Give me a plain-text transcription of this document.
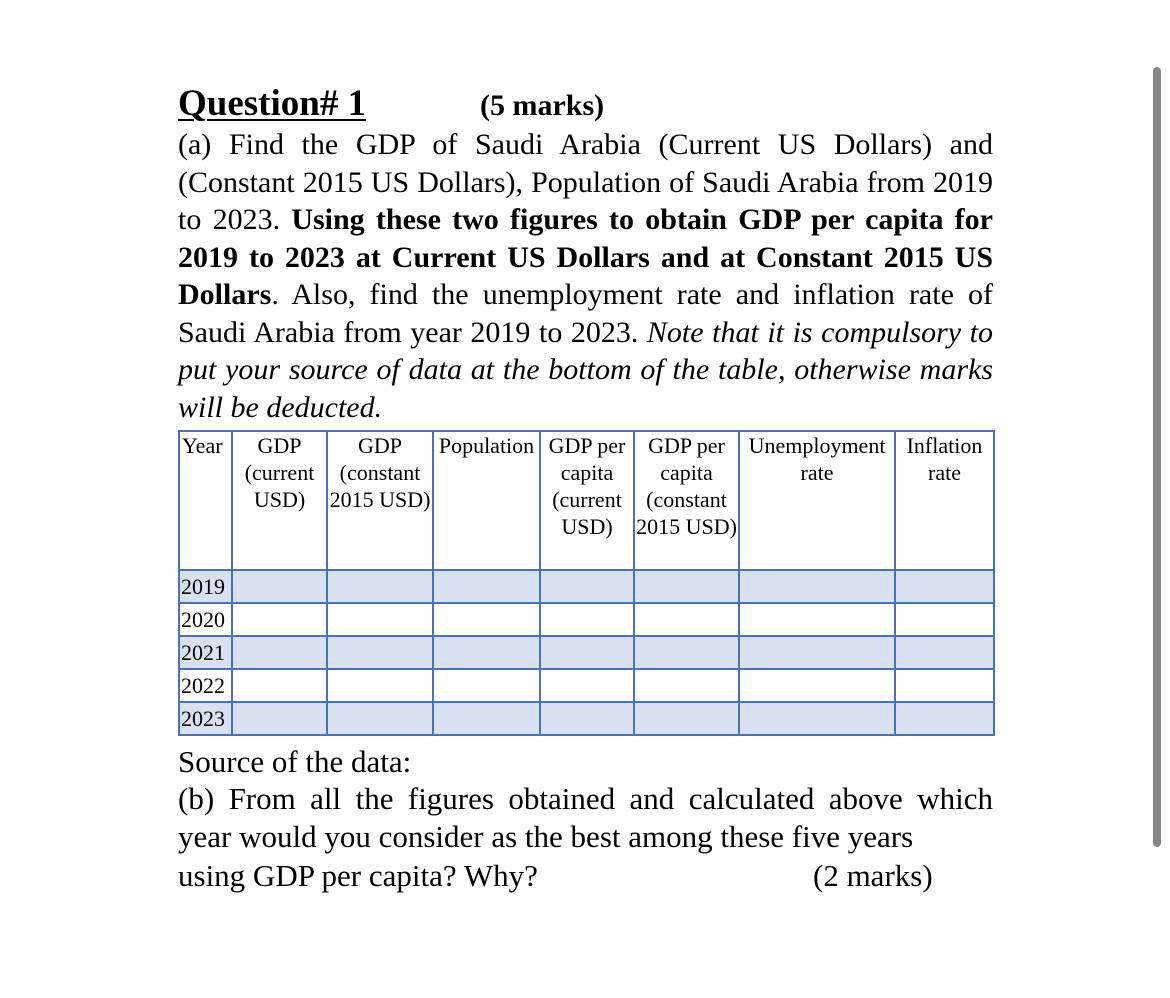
Question# 1	(5 marks)

(a) Find the GDP of Saudi Arabia (Current US Dollars) and (Constant 2015 US Dollars), Population of Saudi Arabia from 2019 to 2023. Using these two figures to obtain GDP per capita for 2019 to 2023 at Current US Dollars and at Constant 2015 US Dollars. Also, find the unemployment rate and inflation rate of Saudi Arabia from year 2019 to 2023. Note that it is compulsory to put your source of data at the bottom of the table, otherwise marks will be deducted.

Year	GDP (current USD)	GDP (constant 2015 USD)	Population	GDP per capita (current USD)	GDP per capita (constant 2015 USD)	Unemployment rate	Inflation rate
2019							
2020							
2021							
2022							
2023							
Source of the data:

(b) From all the figures obtained and calculated above which year would you consider as the best among these five years

using GDP per capita? Why?	(2 marks)
